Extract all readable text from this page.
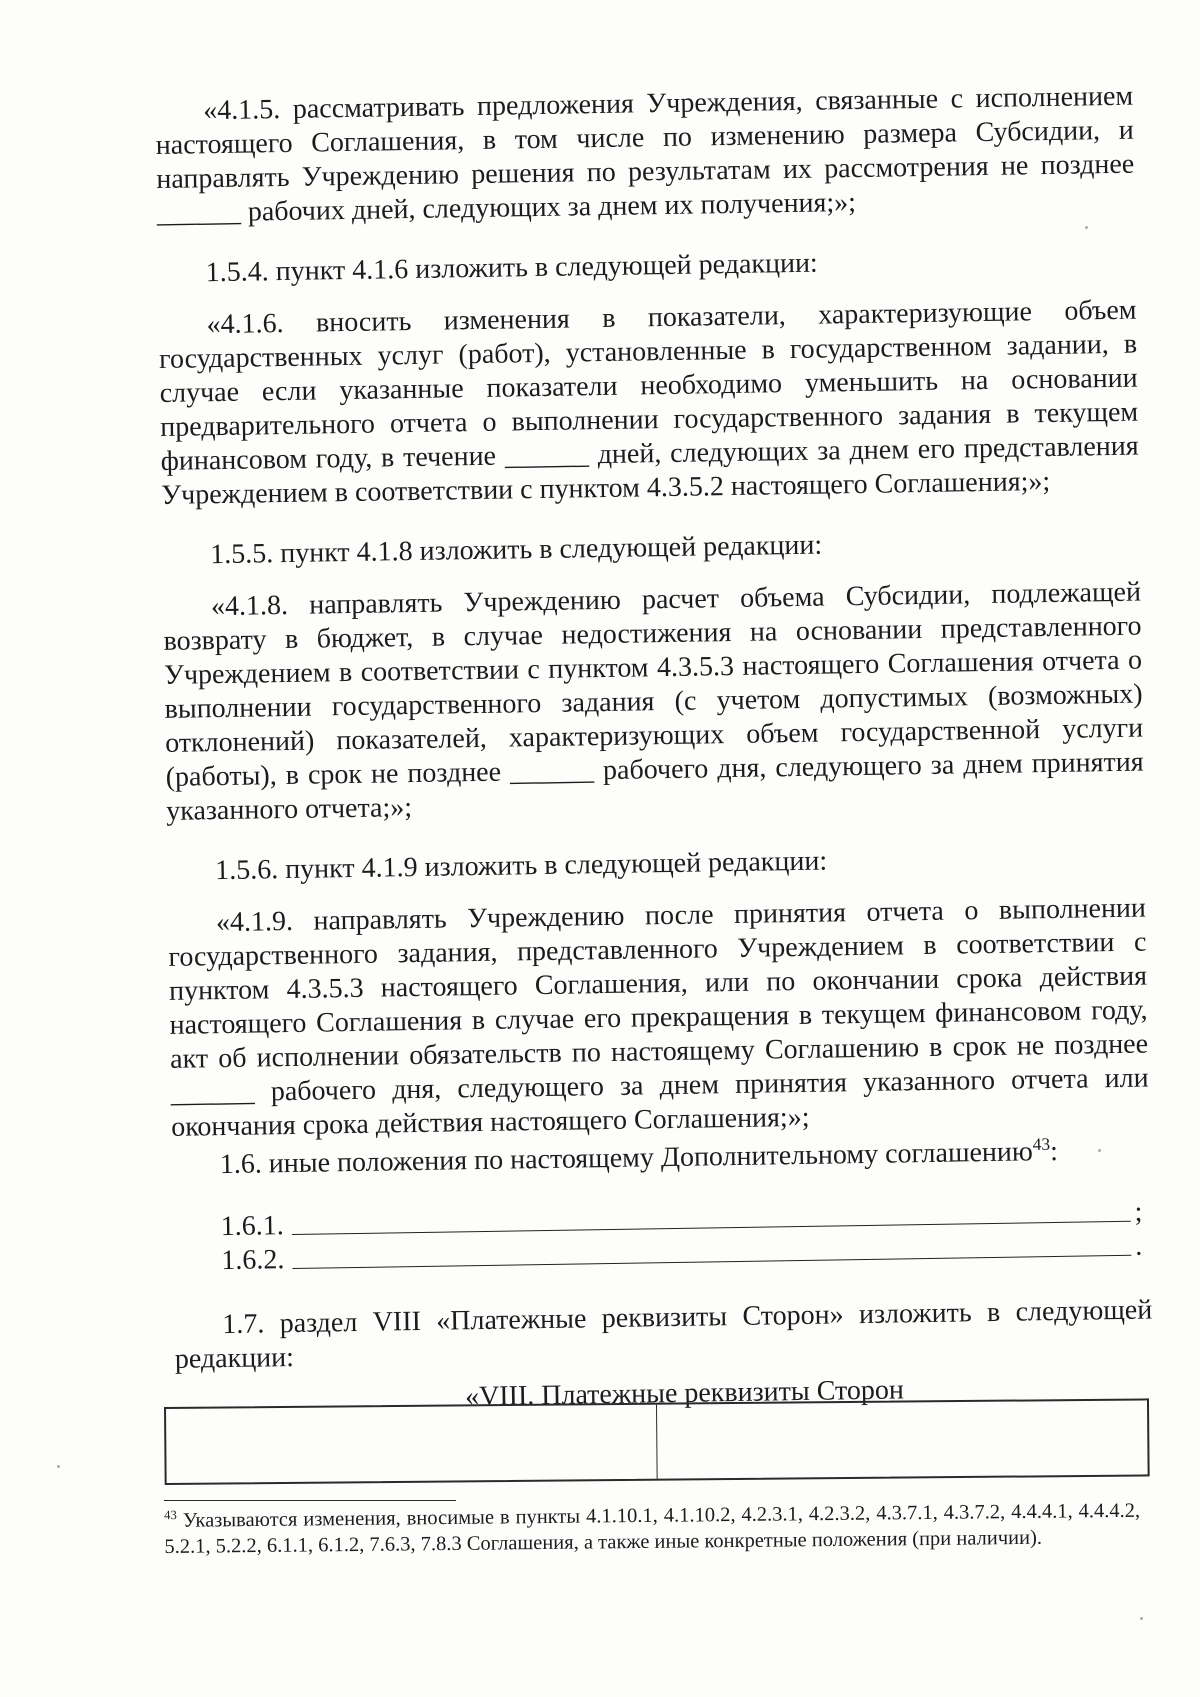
«4.1.5. рассматривать предложения Учреждения, связанные с исполнением настоящего Соглашения, в том числе по изменению размера Субсидии, и направлять Учреждению решения по результатам их рассмотрения не позднее ______ рабочих дней, следующих за днем их получения;»;

1.5.4. пункт 4.1.6 изложить в следующей редакции:

«4.1.6. вносить изменения в показатели, характеризующие объем государственных услуг (работ), установленные в государственном задании, в случае если указанные показатели необходимо уменьшить на основании предварительного отчета о выполнении государственного задания в текущем финансовом году, в течение ______ дней, следующих за днем его представления Учреждением в соответствии с пунктом 4.3.5.2 настоящего Соглашения;»;

1.5.5. пункт 4.1.8 изложить в следующей редакции:

«4.1.8. направлять Учреждению расчет объема Субсидии, подлежащей возврату в бюджет, в случае недостижения на основании представленного Учреждением в соответствии с пунктом 4.3.5.3 настоящего Соглашения отчета о выполнении государственного задания (с учетом допустимых (возможных) отклонений) показателей, характеризующих объем государственной услуги (работы), в срок не позднее ______ рабочего дня, следующего за днем принятия указанного отчета;»;

1.5.6. пункт 4.1.9 изложить в следующей редакции:

«4.1.9. направлять Учреждению после принятия отчета о выполнении государственного задания, представленного Учреждением в соответствии с пунктом 4.3.5.3 настоящего Соглашения, или по окончании срока действия настоящего Соглашения в случае его прекращения в текущем финансовом году, акт об исполнении обязательств по настоящему Соглашению в срок не позднее ______ рабочего дня, следующего за днем принятия указанного отчета или окончания срока действия настоящего Соглашения;»;

1.6. иные положения по настоящему Дополнительному соглашению$^{43}$:

1.6.1.	;
1.6.2.	.

1.7. раздел VIII «Платежные реквизиты Сторон» изложить в следующей редакции:

«VIII. Платежные реквизиты Сторон
$^{43}$ Указываются изменения, вносимые в пункты 4.1.10.1, 4.1.10.2, 4.2.3.1, 4.2.3.2, 4.3.7.1, 4.3.7.2, 4.4.4.1, 4.4.4.2, 5.2.1, 5.2.2, 6.1.1, 6.1.2, 7.6.3, 7.8.3 Соглашения, а также иные конкретные положения (при наличии).
